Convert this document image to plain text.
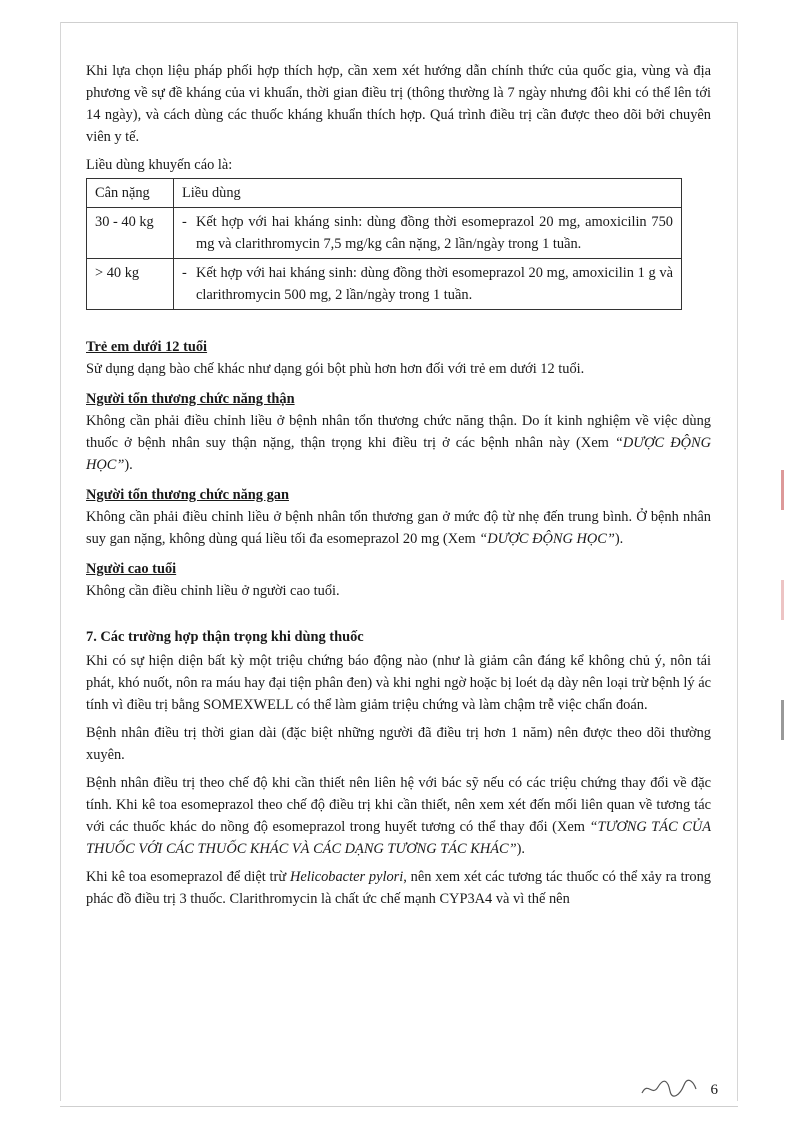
Khi lựa chọn liệu pháp phối hợp thích hợp, cần xem xét hướng dẫn chính thức của quốc gia, vùng và địa phương về sự đề kháng của vi khuẩn, thời gian điều trị (thông thường là 7 ngày nhưng đôi khi có thể lên tới 14 ngày), và cách dùng các thuốc kháng khuẩn thích hợp. Quá trình điều trị cần được theo dõi bởi chuyên viên y tế.

Liều dùng khuyến cáo là:

Cân nặng	Liều dùng
30 - 40 kg	- Kết hợp với hai kháng sinh: dùng đồng thời esomeprazol 20 mg, amoxicilin 750 mg và clarithromycin 7,5 mg/kg cân nặng, 2 lần/ngày trong 1 tuần.

> 40 kg	- Kết hợp với hai kháng sinh: dùng đồng thời esomeprazol 20 mg, amoxicilin 1 g và clarithromycin 500 mg, 2 lần/ngày trong 1 tuần.
Trẻ em dưới 12 tuổi

Sử dụng dạng bào chế khác như dạng gói bột phù hơn hơn đối với trẻ em dưới 12 tuổi.

Người tổn thương chức năng thận

Không cần phải điều chỉnh liều ở bệnh nhân tổn thương chức năng thận. Do ít kinh nghiệm về việc dùng thuốc ở bệnh nhân suy thận nặng, thận trọng khi điều trị ở các bệnh nhân này (Xem “DƯỢC ĐỘNG HỌC”).

Người tổn thương chức năng gan

Không cần phải điều chỉnh liều ở bệnh nhân tổn thương gan ở mức độ từ nhẹ đến trung bình. Ở bệnh nhân suy gan nặng, không dùng quá liều tối đa esomeprazol 20 mg (Xem “DƯỢC ĐỘNG HỌC”).

Người cao tuổi

Không cần điều chỉnh liều ở người cao tuổi.

7. Các trường hợp thận trọng khi dùng thuốc

Khi có sự hiện diện bất kỳ một triệu chứng báo động nào (như là giảm cân đáng kể không chủ ý, nôn tái phát, khó nuốt, nôn ra máu hay đại tiện phân đen) và khi nghi ngờ hoặc bị loét dạ dày nên loại trừ bệnh lý ác tính vì điều trị bằng SOMEXWELL có thể làm giảm triệu chứng và làm chậm trễ việc chẩn đoán.

Bệnh nhân điều trị thời gian dài (đặc biệt những người đã điều trị hơn 1 năm) nên được theo dõi thường xuyên.

Bệnh nhân điều trị theo chế độ khi cần thiết nên liên hệ với bác sỹ nếu có các triệu chứng thay đổi về đặc tính. Khi kê toa esomeprazol theo chế độ điều trị khi cần thiết, nên xem xét đến mối liên quan về tương tác với các thuốc khác do nồng độ esomeprazol trong huyết tương có thể thay đổi (Xem “TƯƠNG TÁC CỦA THUỐC VỚI CÁC THUỐC KHÁC VÀ CÁC DẠNG TƯƠNG TÁC KHÁC”).

Khi kê toa esomeprazol để diệt trừ Helicobacter pylori, nên xem xét các tương tác thuốc có thể xảy ra trong phác đồ điều trị 3 thuốc. Clarithromycin là chất ức chế mạnh CYP3A4 và vì thế nên

6
